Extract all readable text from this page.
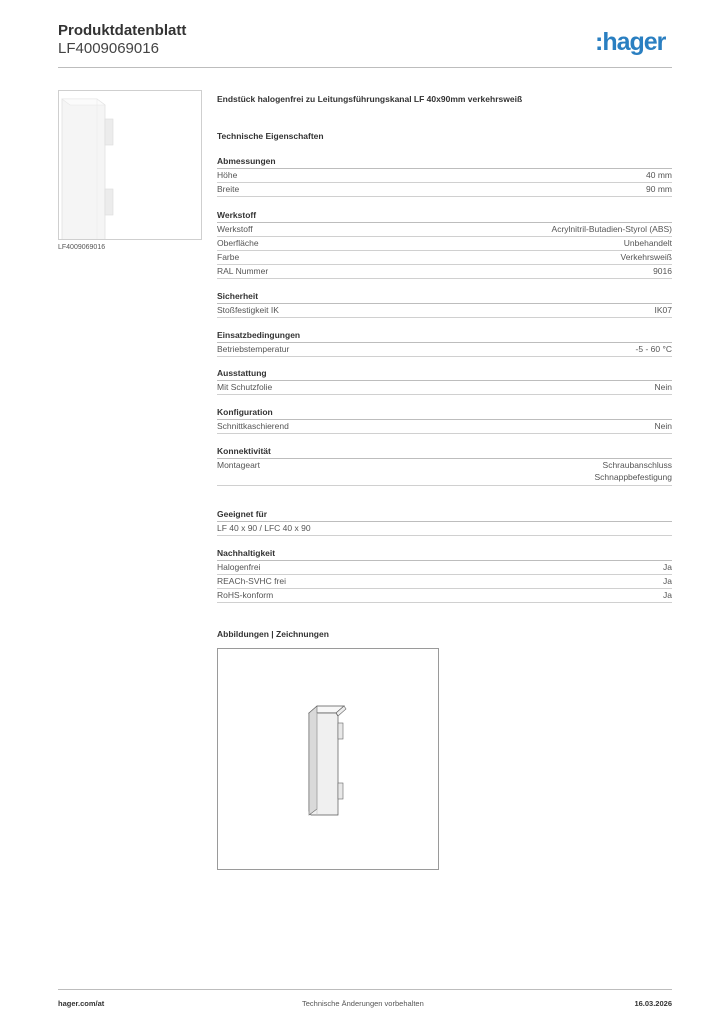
Produktdatenblatt
LF4009069016	:hager
LF4009069016
Endstück halogenfrei zu Leitungsführungskanal LF 40x90mm verkehrsweiß
Technische Eigenschaften
Abmessungen
Höhe	40 mm
Breite	90 mm
Werkstoff
Werkstoff	Acrylnitril-Butadien-Styrol (ABS)
Oberfläche	Unbehandelt
Farbe	Verkehrsweiß
RAL Nummer	9016
Sicherheit
Stoßfestigkeit IK	IK07
Einsatzbedingungen
Betriebstemperatur	-5 - 60 °C
Ausstattung
Mit Schutzfolie	Nein
Konfiguration
Schnittkaschierend	Nein
Konnektivität
Montageart	Schraubanschluss
Schnappbefestigung
Geeignet für
LF 40 x 90 / LFC 40 x 90
Nachhaltigkeit
Halogenfrei	Ja
REACh-SVHC frei	Ja
RoHS-konform	Ja
Abbildungen | Zeichnungen
hager.com/at	Technische Änderungen vorbehalten	16.03.2026
